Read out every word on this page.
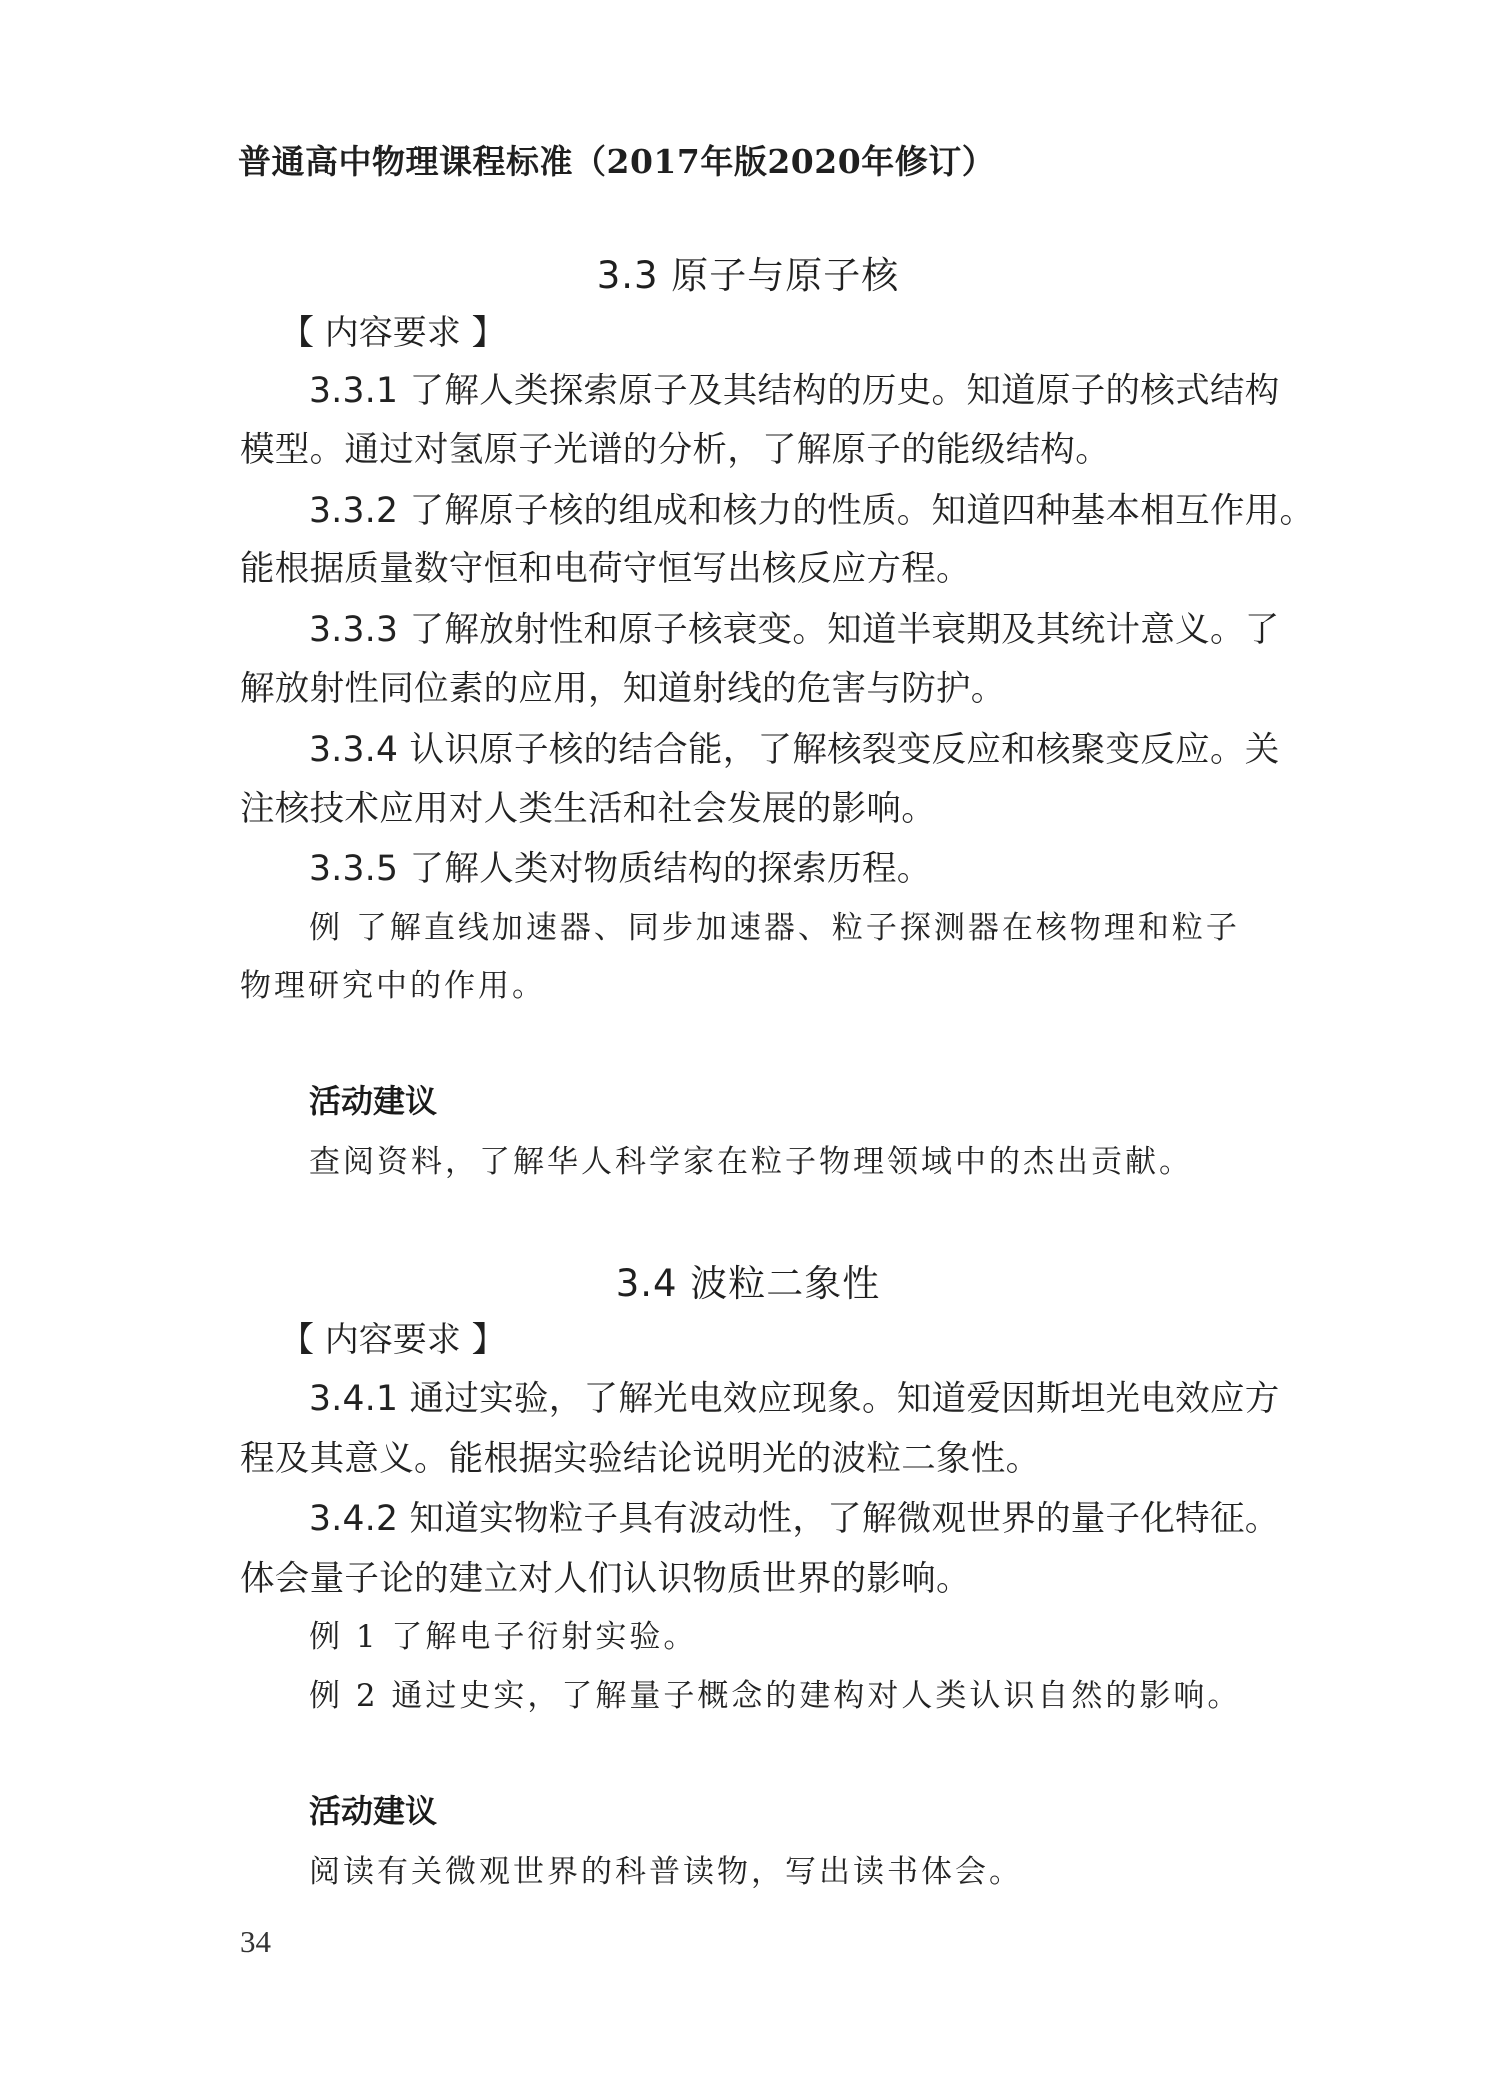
普通高中物理课程标准（2017年版2020年修订）
3.3 原子与原子核
【 内容要求 】
3.3.1 了解人类探索原子及其结构的历史。知道原子的核式结构
模型。通过对氢原子光谱的分析，了解原子的能级结构。
3.3.2 了解原子核的组成和核力的性质。知道四种基本相互作用。
能根据质量数守恒和电荷守恒写出核反应方程。
3.3.3 了解放射性和原子核衰变。知道半衰期及其统计意义。了
解放射性同位素的应用，知道射线的危害与防护。
3.3.4 认识原子核的结合能，了解核裂变反应和核聚变反应。关
注核技术应用对人类生活和社会发展的影响。
3.3.5 了解人类对物质结构的探索历程。
例 了解直线加速器、同步加速器、粒子探测器在核物理和粒子
物理研究中的作用。
活动建议
查阅资料，了解华人科学家在粒子物理领域中的杰出贡献。
3.4 波粒二象性
【 内容要求 】
3.4.1 通过实验，了解光电效应现象。知道爱因斯坦光电效应方
程及其意义。能根据实验结论说明光的波粒二象性。
3.4.2 知道实物粒子具有波动性，了解微观世界的量子化特征。
体会量子论的建立对人们认识物质世界的影响。
例 1 了解电子衍射实验。
例 2 通过史实，了解量子概念的建构对人类认识自然的影响。
活动建议
阅读有关微观世界的科普读物，写出读书体会。
34
